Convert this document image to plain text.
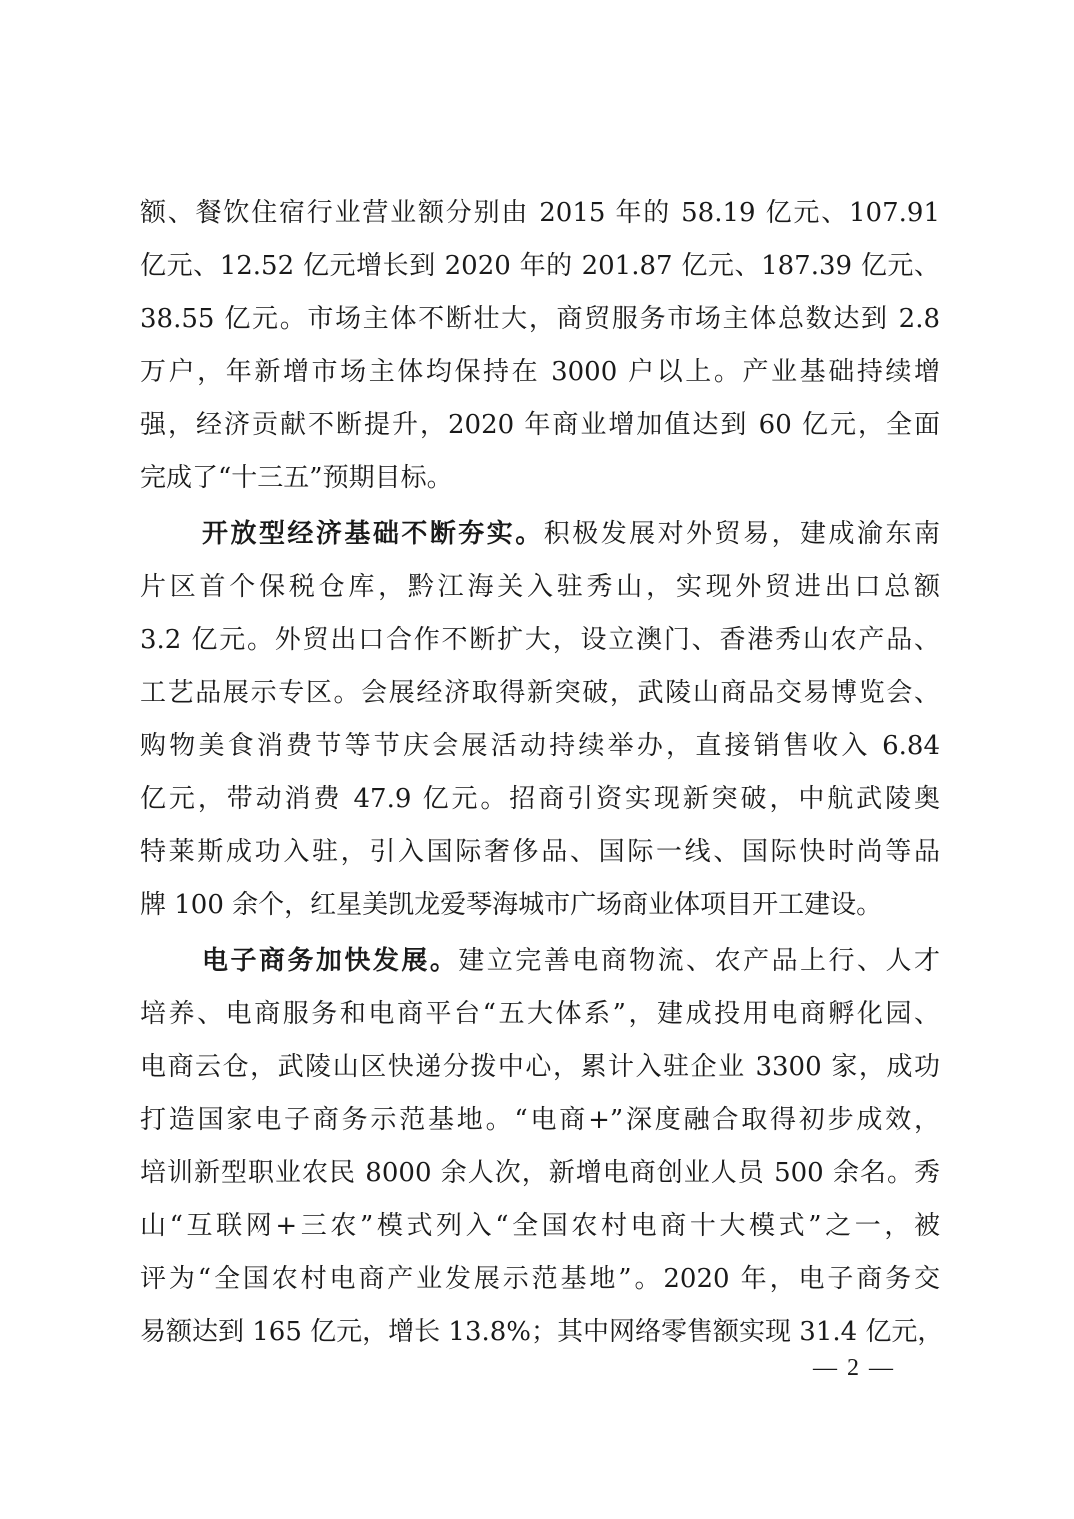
额、餐饮住宿行业营业额分别由 2015 年的 58.19 亿元、107.91
亿元、12.52 亿元增长到 2020 年的 201.87 亿元、187.39 亿元、
38.55 亿元。市场主体不断壮大，商贸服务市场主体总数达到 2.8
万户，年新增市场主体均保持在 3000 户以上。产业基础持续增
强，经济贡献不断提升，2020 年商业增加值达到 60 亿元，全面
完成了“十三五”预期目标。
开放型经济基础不断夯实。积极发展对外贸易，建成渝东南
片区首个保税仓库，黔江海关入驻秀山，实现外贸进出口总额
3.2 亿元。外贸出口合作不断扩大，设立澳门、香港秀山农产品、
工艺品展示专区。会展经济取得新突破，武陵山商品交易博览会、
购物美食消费节等节庆会展活动持续举办，直接销售收入 6.84
亿元，带动消费 47.9 亿元。招商引资实现新突破，中航武陵奥
特莱斯成功入驻，引入国际奢侈品、国际一线、国际快时尚等品
牌 100 余个，红星美凯龙爱琴海城市广场商业体项目开工建设。
电子商务加快发展。建立完善电商物流、农产品上行、人才
培养、电商服务和电商平台“五大体系”，建成投用电商孵化园、
电商云仓，武陵山区快递分拨中心，累计入驻企业 3300 家，成功
打造国家电子商务示范基地。“电商+”深度融合取得初步成效，
培训新型职业农民 8000 余人次，新增电商创业人员 500 余名。秀
山“互联网+三农”模式列入“全国农村电商十大模式”之一，被
评为“全国农村电商产业发展示范基地”。2020 年，电子商务交
易额达到 165 亿元，增长 13.8%；其中网络零售额实现 31.4 亿元，
— 2 —
